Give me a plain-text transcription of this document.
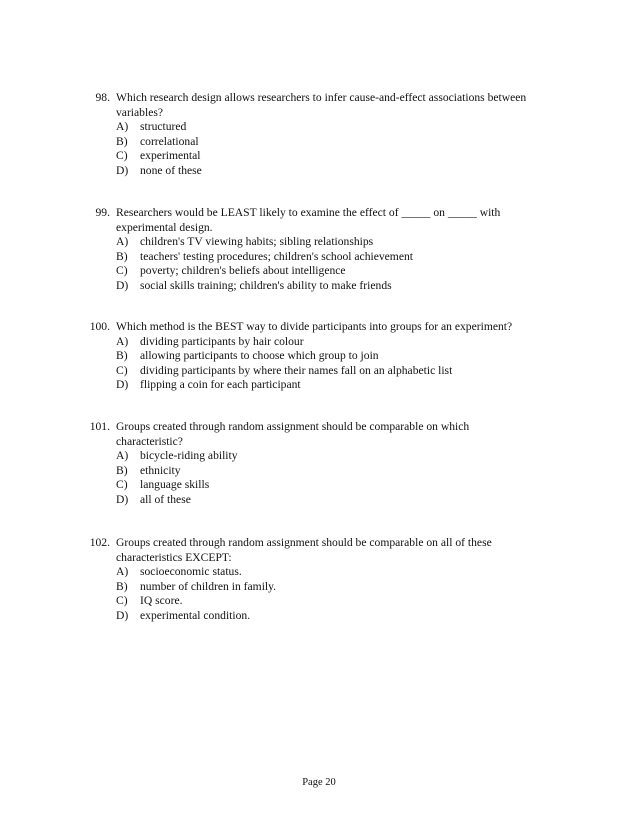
98. Which research design allows researchers to infer cause-and-effect associations between
variables?
A)	structured
B)	correlational
C)	experimental
D)	none of these
99. Researchers would be LEAST likely to examine the effect of _____ on _____ with
experimental design.
A)	children's TV viewing habits; sibling relationships
B)	teachers' testing procedures; children's school achievement
C)	poverty; children's beliefs about intelligence
D)	social skills training; children's ability to make friends
100. Which method is the BEST way to divide participants into groups for an experiment?
A)	dividing participants by hair colour
B)	allowing participants to choose which group to join
C)	dividing participants by where their names fall on an alphabetic list
D)	flipping a coin for each participant
101. Groups created through random assignment should be comparable on which
characteristic?
A)	bicycle-riding ability
B)	ethnicity
C)	language skills
D)	all of these
102. Groups created through random assignment should be comparable on all of these
characteristics EXCEPT:
A)	socioeconomic status.
B)	number of children in family.
C)	IQ score.
D)	experimental condition.
Page 20
